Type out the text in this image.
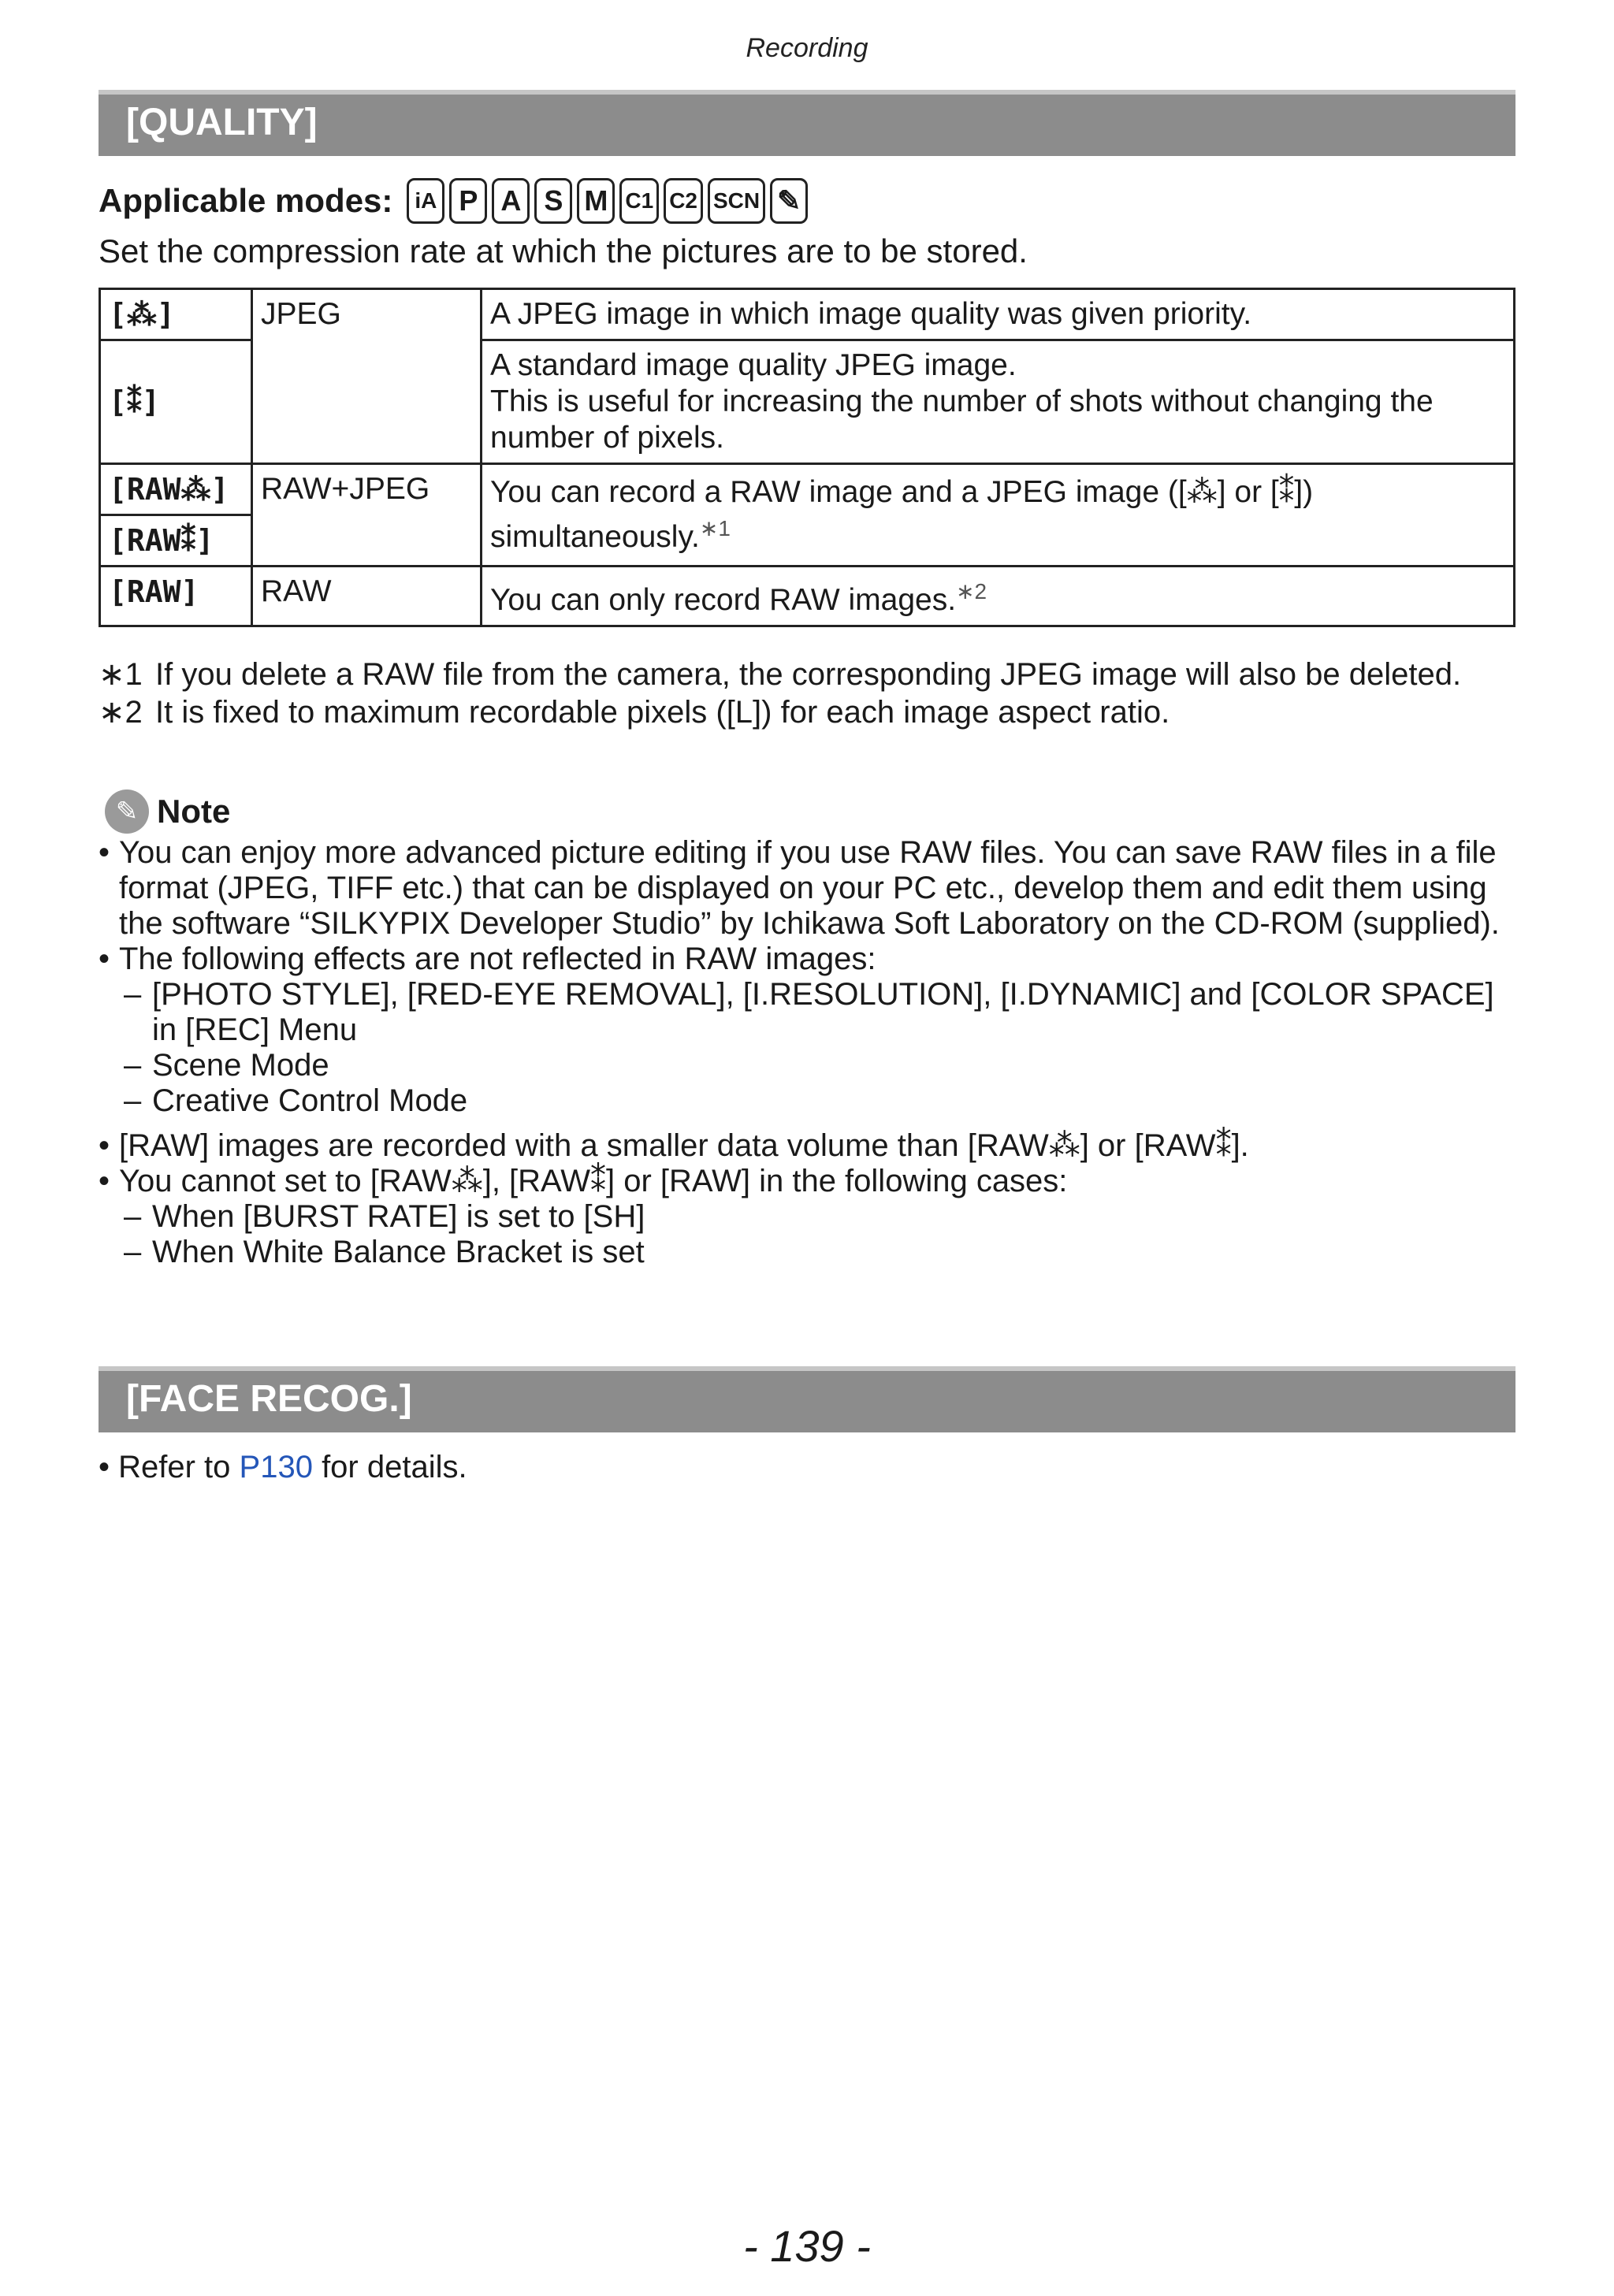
Recording
[QUALITY]
Applicable modes:	iA P A S M C1 C2 SCN ✎
Set the compression rate at which the pictures are to be stored.
[⁂]	JPEG	A JPEG image in which image quality was given priority.
[⁑]		A standard image quality JPEG image.
This is useful for increasing the number of shots without changing the number of pixels.

[RAW⁂]	RAW+JPEG	You can record a RAW image and a JPEG image ([⁂] or [⁑]) simultaneously.$^{∗1}$
[RAW⁑]		
[RAW]	RAW	You can only record RAW images.$^{∗2}$
∗1 If you delete a RAW file from the camera, the corresponding JPEG image will also be deleted.
∗2 It is fixed to maximum recordable pixels ([L]) for each image aspect ratio.
✎ Note
• You can enjoy more advanced picture editing if you use RAW files. You can save RAW files in a file format (JPEG, TIFF etc.) that can be displayed on your PC etc., develop them and edit them using the software “SILKYPIX Developer Studio” by Ichikawa Soft Laboratory on the CD-ROM (supplied).
• The following effects are not reflected in RAW images:
– [PHOTO STYLE], [RED-EYE REMOVAL], [I.RESOLUTION], [I.DYNAMIC] and [COLOR SPACE] in [REC] Menu
– Scene Mode
– Creative Control Mode
• [RAW] images are recorded with a smaller data volume than [RAW⁂] or [RAW⁑].
• You cannot set to [RAW⁂], [RAW⁑] or [RAW] in the following cases:
– When [BURST RATE] is set to [SH]
– When White Balance Bracket is set
[FACE RECOG.]
• Refer to P130 for details.
- 139 -
